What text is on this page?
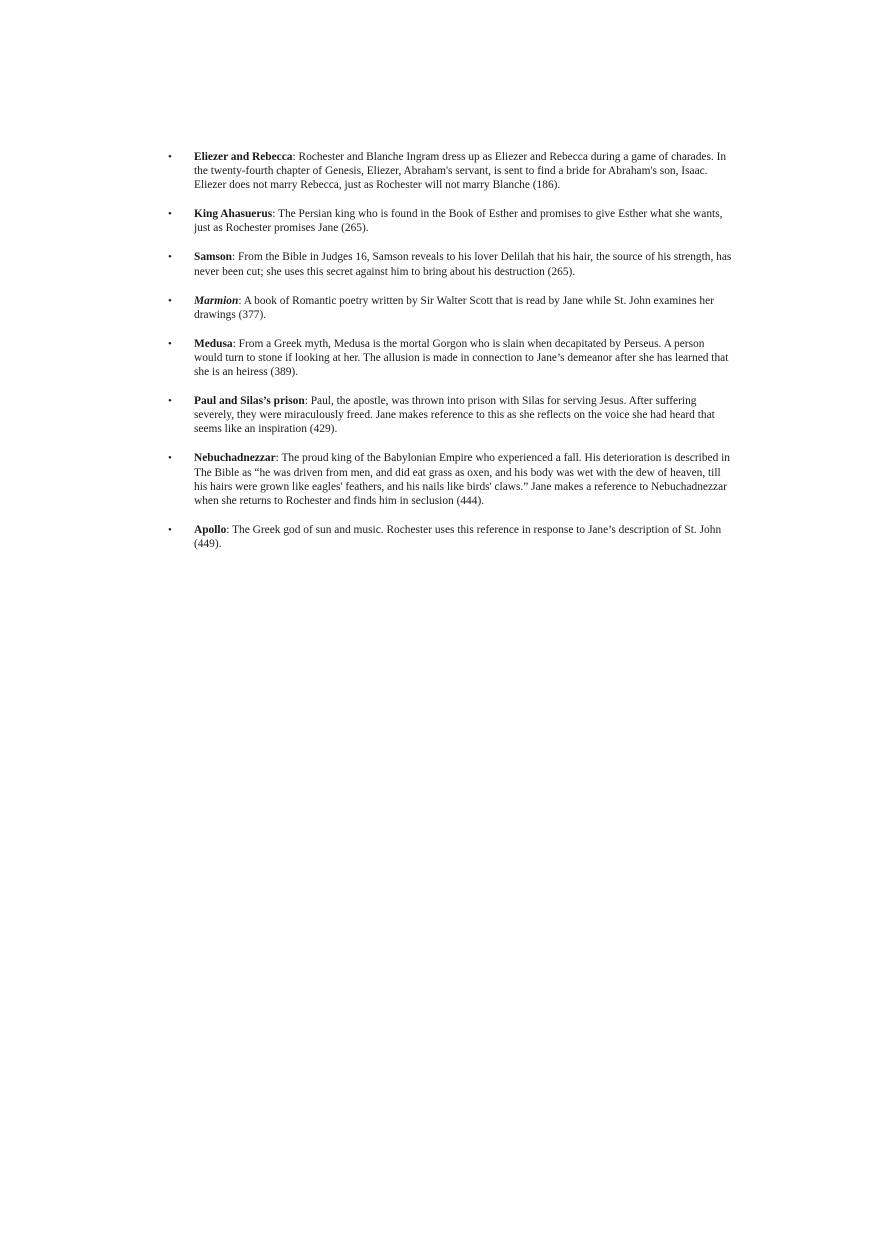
• Eliezer and Rebecca: Rochester and Blanche Ingram dress up as Eliezer and Rebecca during a game of charades. In the twenty-fourth chapter of Genesis, Eliezer, Abraham's servant, is sent to find a bride for Abraham's son, Isaac. Eliezer does not marry Rebecca, just as Rochester will not marry Blanche (186).
• King Ahasuerus: The Persian king who is found in the Book of Esther and promises to give Esther what she wants, just as Rochester promises Jane (265).
• Samson: From the Bible in Judges 16, Samson reveals to his lover Delilah that his hair, the source of his strength, has never been cut; she uses this secret against him to bring about his destruction (265).
• Marmion: A book of Romantic poetry written by Sir Walter Scott that is read by Jane while St. John examines her drawings (377).
• Medusa: From a Greek myth, Medusa is the mortal Gorgon who is slain when decapitated by Perseus. A person would turn to stone if looking at her. The allusion is made in connection to Jane’s demeanor after she has learned that she is an heiress (389).
• Paul and Silas’s prison: Paul, the apostle, was thrown into prison with Silas for serving Jesus. After suffering severely, they were miraculously freed. Jane makes reference to this as she reflects on the voice she had heard that seems like an inspiration (429).
• Nebuchadnezzar: The proud king of the Babylonian Empire who experienced a fall. His deterioration is described in The Bible as “he was driven from men, and did eat grass as oxen, and his body was wet with the dew of heaven, till his hairs were grown like eagles' feathers, and his nails like birds' claws.” Jane makes a reference to Nebuchadnezzar when she returns to Rochester and finds him in seclusion (444).
• Apollo: The Greek god of sun and music. Rochester uses this reference in response to Jane’s description of St. John (449).
